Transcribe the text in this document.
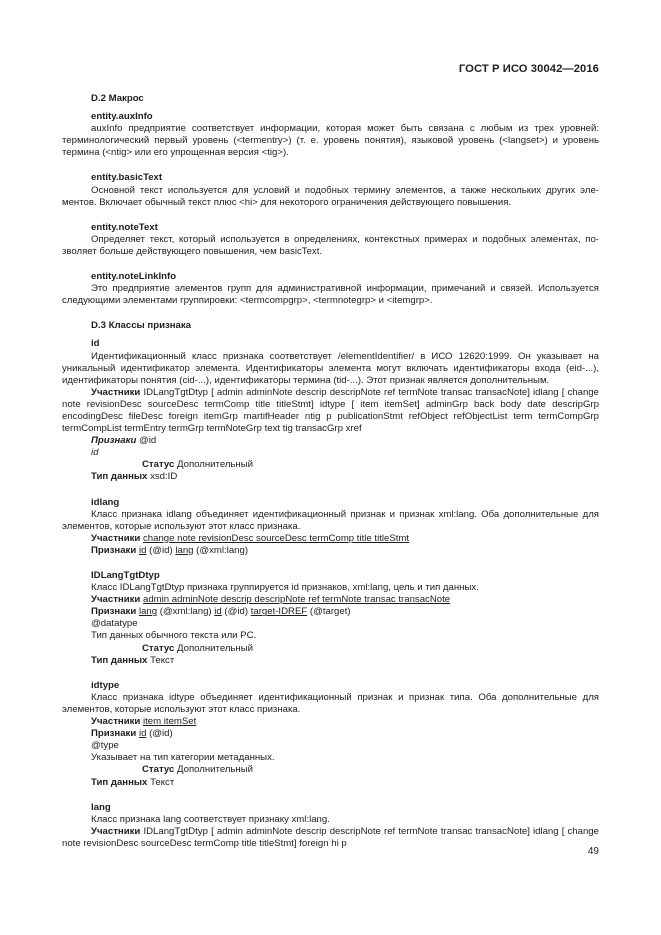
ГОСТ Р ИСО 30042—2016

D.2 Макрос

entity.auxInfo

auxInfo предприятие соответствует информации, которая может быть связана с любым из трех уровней: терминологический первый уровень (<termentry>) (т. е. уровень понятия), языковой уровень (<langset>) и уровень термина (<ntig> или его упрощенная версия <tig>).

entity.basicText

Основной текст используется для условий и подобных термину элементов, а также нескольких других эле-ментов. Включает обычный текст плюс <hi> для некоторого ограничения действующего повышения.

entity.noteText

Определяет текст, который используется в определениях, контекстных примерах и подобных элементах, по-зволяет больше действующего повышения, чем basicText.

entity.noteLinkInfo

Это предприятие элементов групп для административной информации, примечаний и связей. Используется следующими элементами группировки: <termcompgrp>, <termnotegrp> и <itemgrp>.

D.3 Классы признака

id

Идентификационный класс признака соответствует /elementIdentifier/ в ИСО 12620:1999. Он указывает на уникальный идентификатор элемента. Идентификаторы элемента могут включать идентификаторы входа (eid-...), идентификаторы понятия (cid-...), идентификаторы термина (tid-...). Этот признак является дополнительным.

Участники IDLangTgtDtyp [ admin adminNote descrip descripNote ref termNote transac transacNote] idlang [ change note revisionDesc sourceDesc termComp title titleStmt] idtype [ item itemSet] adminGrp back body date descripGrp encodingDesc fileDesc foreign itemGrp martifHeader ntig p publicationStmt refObject refObjectList term termCompGrp termCompList termEntry termGrp termNoteGrp text tig transacGrp xref

Признаки @id

id

Статус Дополнительный

Тип данных xsd:ID

idlang

Класс признака idlang объединяет идентификационный признак и признак xml:lang. Оба дополнительные для элементов, которые используют этот класс признака.

Участники change note revisionDesc sourceDesc termComp title titleStmt

Признаки id (@id) lang (@xml:lang)

IDLangTgtDtyp

Класс IDLangTgtDtyp признака группируется id признаков, xml:lang, цель и тип данных.

Участники admin adminNote descrip descripNote ref termNote transac transacNote

Признаки lang (@xml:lang) id (@id) target-IDREF (@target)

@datatype

Тип данных обычного текста или PC.

Статус Дополнительный

Тип данных Текст

idtype

Класс признака idtype объединяет идентификационный признак и признак типа. Оба дополнительные для элементов, которые используют этот класс признака.

Участники item itemSet

Признаки id (@id)

@type

Указывает на тип категории метаданных.

Статус Дополнительный

Тип данных Текст

lang

Класс признака lang соответствует признаку xml:lang.

Участники IDLangTgtDtyp [ admin adminNote descrip descripNote ref termNote transac transacNote] idlang [ change note revisionDesc sourceDesc termComp title titleStmt] foreign hi p

49
